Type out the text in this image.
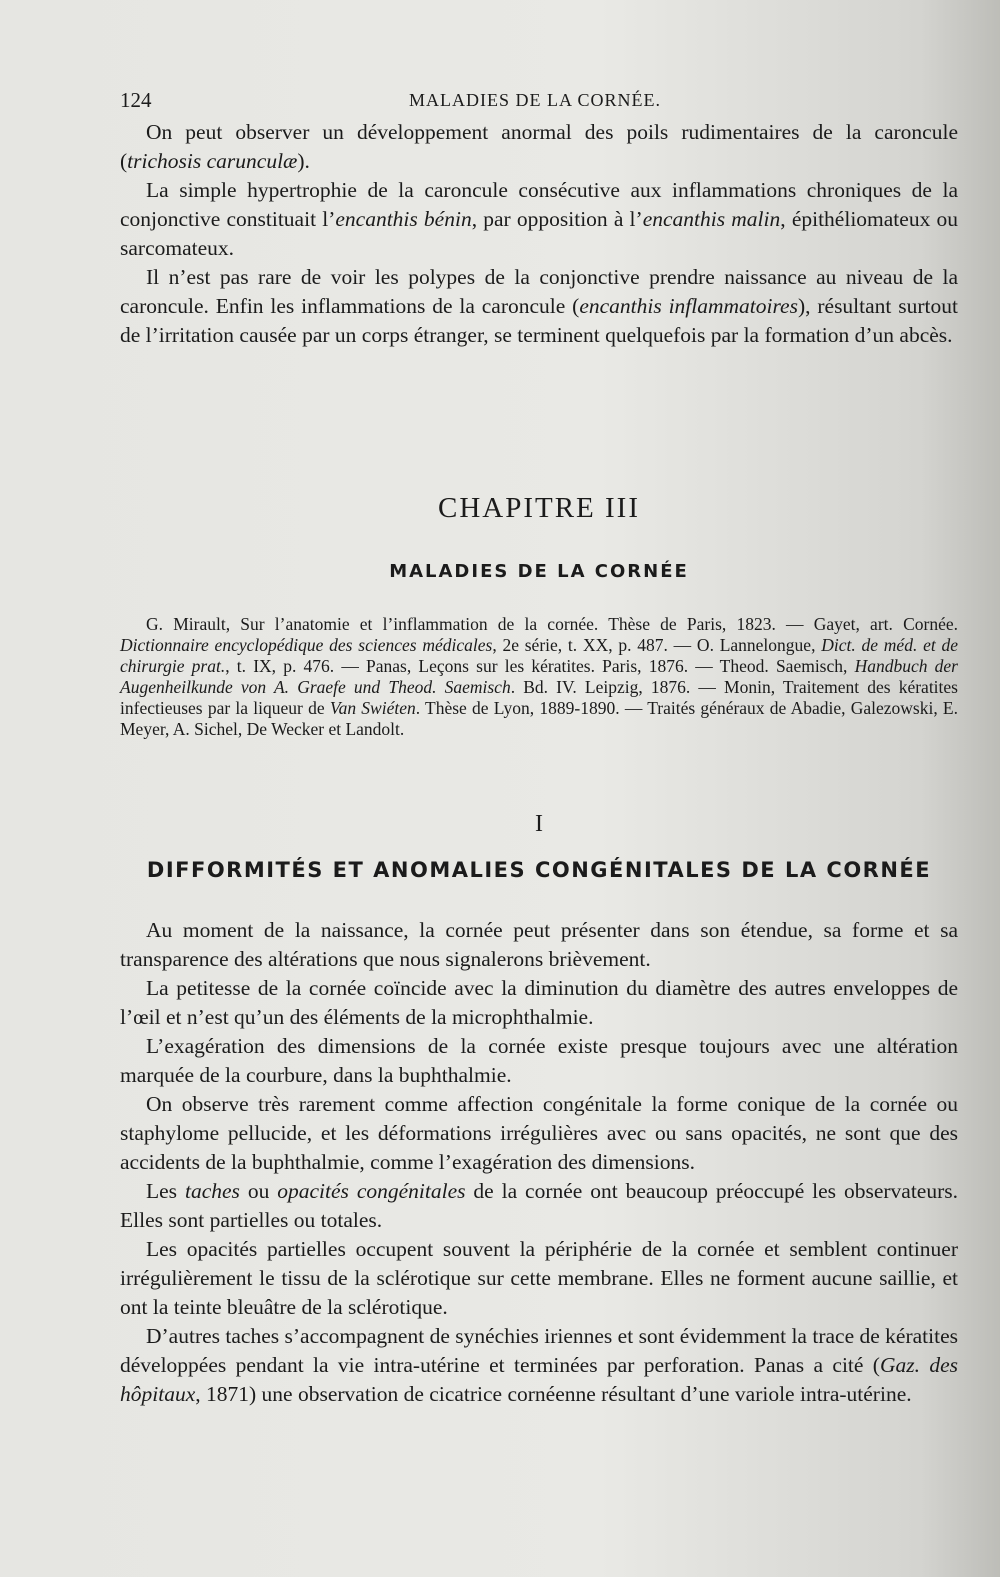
124	MALADIES DE LA CORNÉE.

On peut observer un développement anormal des poils rudimentaires de la caroncule (trichosis carunculæ).

La simple hypertrophie de la caroncule consécutive aux inflammations chroniques de la conjonctive constituait l’encanthis bénin, par opposition à l’encanthis malin, épithéliomateux ou sarcomateux.

Il n’est pas rare de voir les polypes de la conjonctive prendre naissance au niveau de la caroncule. Enfin les inflammations de la caroncule (encanthis inflammatoires), résultant surtout de l’irritation causée par un corps étranger, se terminent quelquefois par la formation d’un abcès.

CHAPITRE III

MALADIES DE LA CORNÉE

G. Mirault, Sur l’anatomie et l’inflammation de la cornée. Thèse de Paris, 1823. — Gayet, art. Cornée. Dictionnaire encyclopédique des sciences médicales, 2e série, t. XX, p. 487. — O. Lannelongue, Dict. de méd. et de chirurgie prat., t. IX, p. 476. — Panas, Leçons sur les kératites. Paris, 1876. — Theod. Saemisch, Handbuch der Augenheilkunde von A. Graefe und Theod. Saemisch. Bd. IV. Leipzig, 1876. — Monin, Traitement des kératites infectieuses par la liqueur de Van Swiéten. Thèse de Lyon, 1889-1890. — Traités généraux de Abadie, Galezowski, E. Meyer, A. Sichel, De Wecker et Landolt.

I

DIFFORMITÉS ET ANOMALIES CONGÉNITALES DE LA CORNÉE

Au moment de la naissance, la cornée peut présenter dans son étendue, sa forme et sa transparence des altérations que nous signalerons brièvement.

La petitesse de la cornée coïncide avec la diminution du diamètre des autres enveloppes de l’œil et n’est qu’un des éléments de la microphthalmie.

L’exagération des dimensions de la cornée existe presque toujours avec une altération marquée de la courbure, dans la buphthalmie.

On observe très rarement comme affection congénitale la forme conique de la cornée ou staphylome pellucide, et les déformations irrégulières avec ou sans opacités, ne sont que des accidents de la buphthalmie, comme l’exagération des dimensions.

Les taches ou opacités congénitales de la cornée ont beaucoup préoccupé les observateurs. Elles sont partielles ou totales.

Les opacités partielles occupent souvent la périphérie de la cornée et semblent continuer irrégulièrement le tissu de la sclérotique sur cette membrane. Elles ne forment aucune saillie, et ont la teinte bleuâtre de la sclérotique.

D’autres taches s’accompagnent de synéchies iriennes et sont évidemment la trace de kératites développées pendant la vie intra-utérine et terminées par perforation. Panas a cité (Gaz. des hôpitaux, 1871) une observation de cicatrice cornéenne résultant d’une variole intra-utérine.
